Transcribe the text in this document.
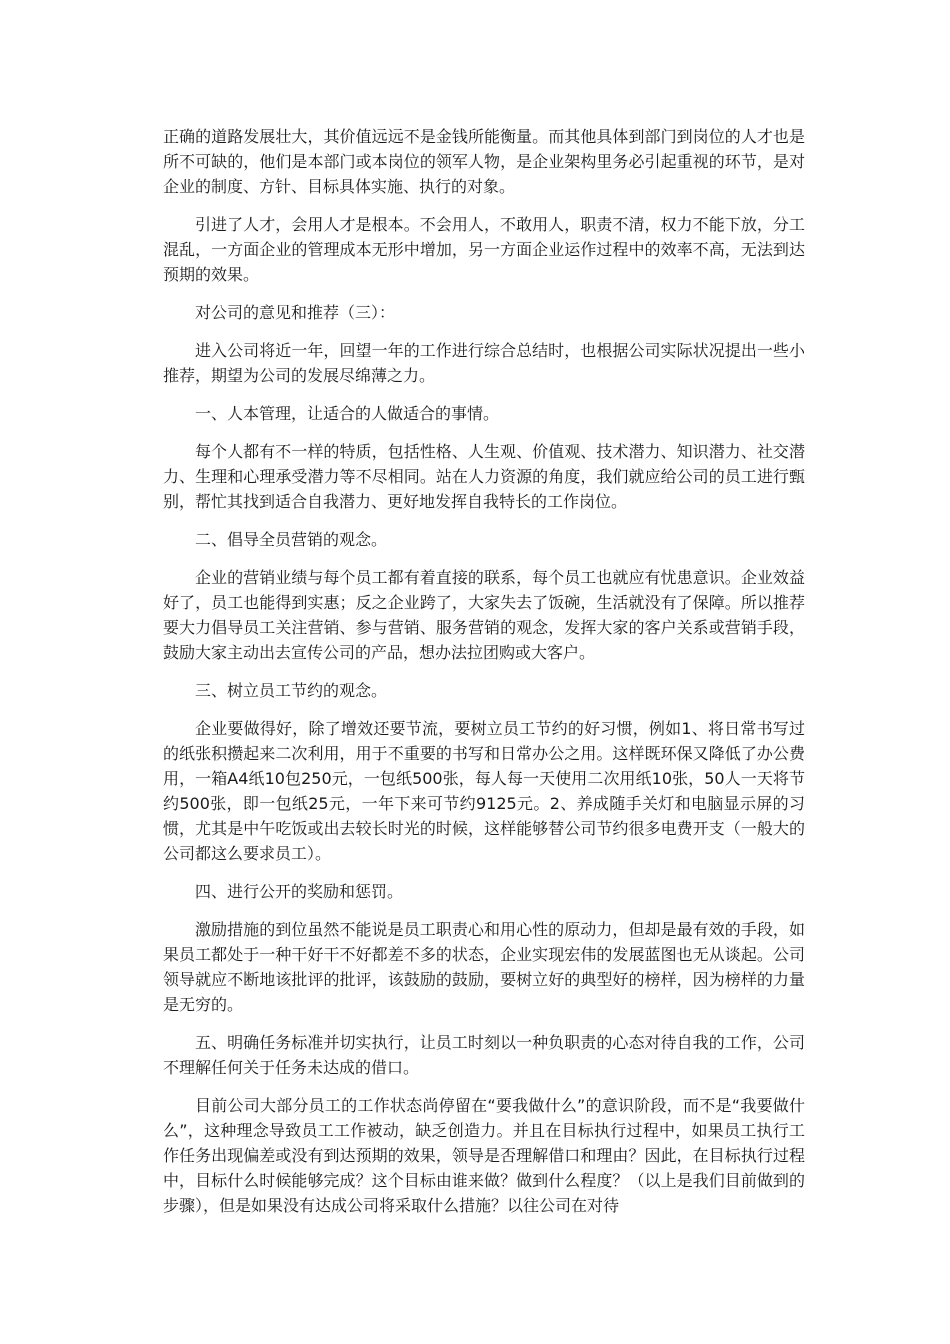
正确的道路发展壮大，其价值远远不是金钱所能衡量。而其他具体到部门到岗位的人才也是所不可缺的，他们是本部门或本岗位的领军人物，是企业架构里务必引起重视的环节，是对企业的制度、方针、目标具体实施、执行的对象。

引进了人才，会用人才是根本。不会用人，不敢用人，职责不清，权力不能下放，分工混乱，一方面企业的管理成本无形中增加，另一方面企业运作过程中的效率不高，无法到达预期的效果。

对公司的意见和推荐（三）：

进入公司将近一年，回望一年的工作进行综合总结时，也根据公司实际状况提出一些小推荐，期望为公司的发展尽绵薄之力。

一、人本管理，让适合的人做适合的事情。

每个人都有不一样的特质，包括性格、人生观、价值观、技术潜力、知识潜力、社交潜力、生理和心理承受潜力等不尽相同。站在人力资源的角度，我们就应给公司的员工进行甄别，帮忙其找到适合自我潜力、更好地发挥自我特长的工作岗位。

二、倡导全员营销的观念。

企业的营销业绩与每个员工都有着直接的联系，每个员工也就应有忧患意识。企业效益好了，员工也能得到实惠；反之企业跨了，大家失去了饭碗，生活就没有了保障。所以推荐要大力倡导员工关注营销、参与营销、服务营销的观念，发挥大家的客户关系或营销手段，鼓励大家主动出去宣传公司的产品，想办法拉团购或大客户。

三、树立员工节约的观念。

企业要做得好，除了增效还要节流，要树立员工节约的好习惯，例如1、将日常书写过的纸张积攒起来二次利用，用于不重要的书写和日常办公之用。这样既环保又降低了办公费用，一箱A4纸10包250元，一包纸500张，每人每一天使用二次用纸10张，50人一天将节约500张，即一包纸25元，一年下来可节约9125元。2、养成随手关灯和电脑显示屏的习惯，尤其是中午吃饭或出去较长时光的时候，这样能够替公司节约很多电费开支（一般大的公司都这么要求员工）。

四、进行公开的奖励和惩罚。

激励措施的到位虽然不能说是员工职责心和用心性的原动力，但却是最有效的手段，如果员工都处于一种干好干不好都差不多的状态，企业实现宏伟的发展蓝图也无从谈起。公司领导就应不断地该批评的批评，该鼓励的鼓励，要树立好的典型好的榜样，因为榜样的力量是无穷的。

五、明确任务标准并切实执行，让员工时刻以一种负职责的心态对待自我的工作，公司不理解任何关于任务未达成的借口。

目前公司大部分员工的工作状态尚停留在“要我做什么”的意识阶段，而不是“我要做什么”，这种理念导致员工工作被动，缺乏创造力。并且在目标执行过程中，如果员工执行工作任务出现偏差或没有到达预期的效果，领导是否理解借口和理由？因此，在目标执行过程中，目标什么时候能够完成？这个目标由谁来做？做到什么程度？（以上是我们目前做到的步骤），但是如果没有达成公司将采取什么措施？以往公司在对待
